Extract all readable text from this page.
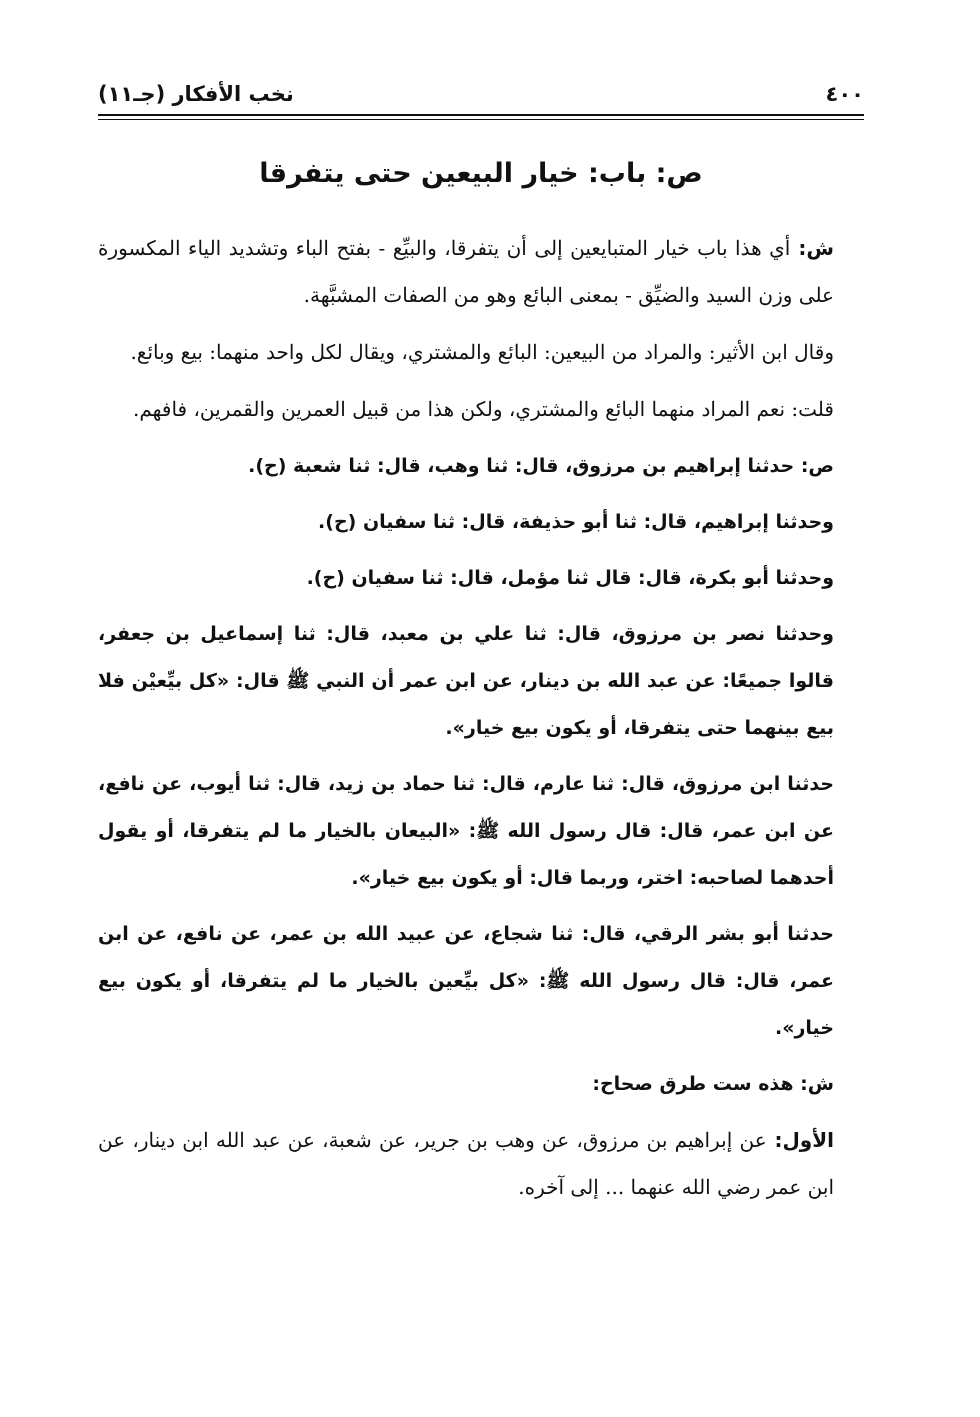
٤٠٠
نخب الأفكار (جـ١١)
ص: باب: خيار البيعين حتى يتفرقا

ش: أي هذا باب خيار المتبايعين إلى أن يتفرقا، والبيِّع - بفتح الباء وتشديد الياء المكسورة على وزن السيد والضيِّق - بمعنى البائع وهو من الصفات المشبَّهة.

وقال ابن الأثير: والمراد من البيعين: البائع والمشتري، ويقال لكل واحد منهما: بيع وبائع.

قلت: نعم المراد منهما البائع والمشتري، ولكن هذا من قبيل العمرين والقمرين، فافهم.

ص: حدثنا إبراهيم بن مرزوق، قال: ثنا وهب، قال: ثنا شعبة (ح).

وحدثنا إبراهيم، قال: ثنا أبو حذيفة، قال: ثنا سفيان (ح).

وحدثنا أبو بكرة، قال: قال ثنا مؤمل، قال: ثنا سفيان (ح).

وحدثنا نصر بن مرزوق، قال: ثنا علي بن معبد، قال: ثنا إسماعيل بن جعفر، قالوا جميعًا: عن عبد الله بن دينار، عن ابن عمر أن النبي ﷺ قال: «كل بيِّعيْن فلا بيع بينهما حتى يتفرقا، أو يكون بيع خيار».

حدثنا ابن مرزوق، قال: ثنا عارم، قال: ثنا حماد بن زيد، قال: ثنا أيوب، عن نافع، عن ابن عمر، قال: قال رسول الله ﷺ: «البيعان بالخيار ما لم يتفرقا، أو يقول أحدهما لصاحبه: اختر، وربما قال: أو يكون بيع خيار».

حدثنا أبو بشر الرقي، قال: ثنا شجاع، عن عبيد الله بن عمر، عن نافع، عن ابن عمر، قال: قال رسول الله ﷺ: «كل بيِّعين بالخيار ما لم يتفرقا، أو يكون بيع خيار».

ش: هذه ست طرق صحاح:

الأول: عن إبراهيم بن مرزوق، عن وهب بن جرير، عن شعبة، عن عبد الله ابن دينار، عن ابن عمر رضي الله عنهما ... إلى آخره.
